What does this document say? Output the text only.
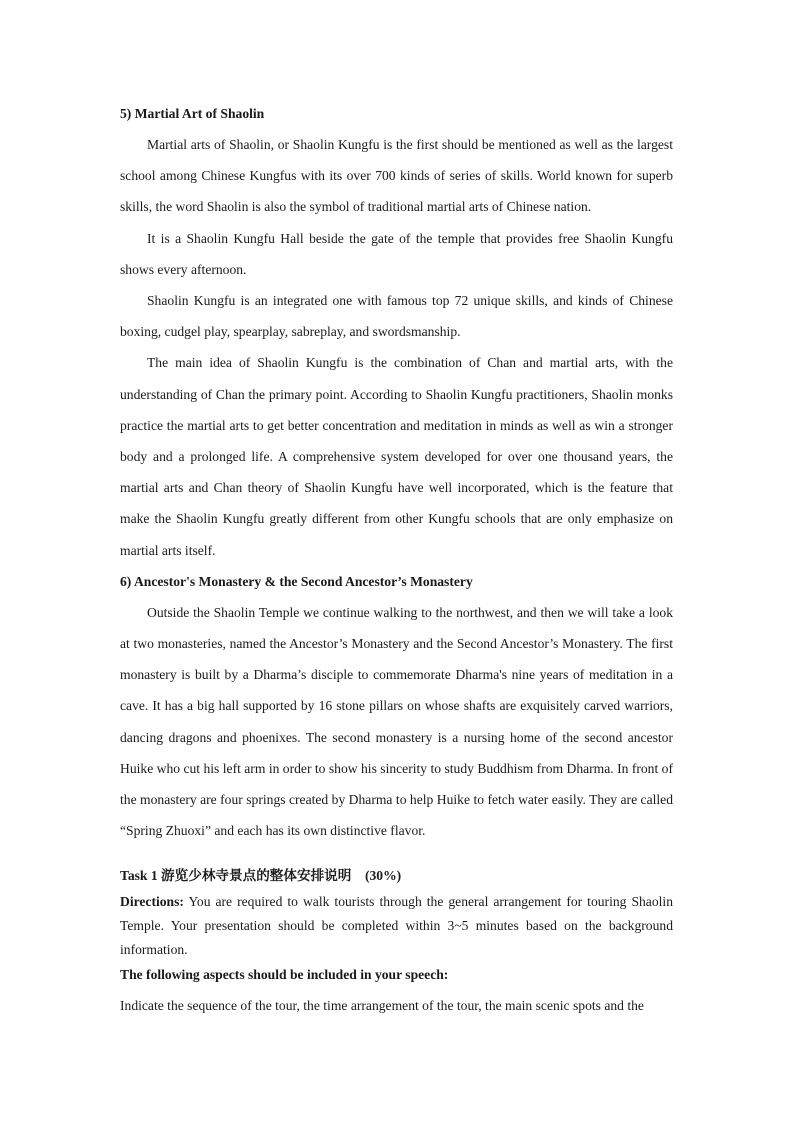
5) Martial Art of Shaolin

Martial arts of Shaolin, or Shaolin Kungfu is the first should be mentioned as well as the largest school among Chinese Kungfus with its over 700 kinds of series of skills. World known for superb skills, the word Shaolin is also the symbol of traditional martial arts of Chinese nation.

It is a Shaolin Kungfu Hall beside the gate of the temple that provides free Shaolin Kungfu shows every afternoon.

Shaolin Kungfu is an integrated one with famous top 72 unique skills, and kinds of Chinese boxing, cudgel play, spearplay, sabreplay, and swordsmanship.

The main idea of Shaolin Kungfu is the combination of Chan and martial arts, with the understanding of Chan the primary point. According to Shaolin Kungfu practitioners, Shaolin monks practice the martial arts to get better concentration and meditation in minds as well as win a stronger body and a prolonged life. A comprehensive system developed for over one thousand years, the martial arts and Chan theory of Shaolin Kungfu have well incorporated, which is the feature that make the Shaolin Kungfu greatly different from other Kungfu schools that are only emphasize on martial arts itself.

6) Ancestor's Monastery & the Second Ancestor’s Monastery

Outside the Shaolin Temple we continue walking to the northwest, and then we will take a look at two monasteries, named the Ancestor’s Monastery and the Second Ancestor’s Monastery. The first monastery is built by a Dharma’s disciple to commemorate Dharma's nine years of meditation in a cave. It has a big hall supported by 16 stone pillars on whose shafts are exquisitely carved warriors, dancing dragons and phoenixes. The second monastery is a nursing home of the second ancestor Huike who cut his left arm in order to show his sincerity to study Buddhism from Dharma. In front of the monastery are four springs created by Dharma to help Huike to fetch water easily. They are called “Spring Zhuoxi” and each has its own distinctive flavor.

Task 1 游览少林寺景点的整体安排说明　(30%)

Directions: You are required to walk tourists through the general arrangement for touring Shaolin Temple. Your presentation should be completed within 3~5 minutes based on the background information.

The following aspects should be included in your speech:

Indicate the sequence of the tour, the time arrangement of the tour, the main scenic spots and the
